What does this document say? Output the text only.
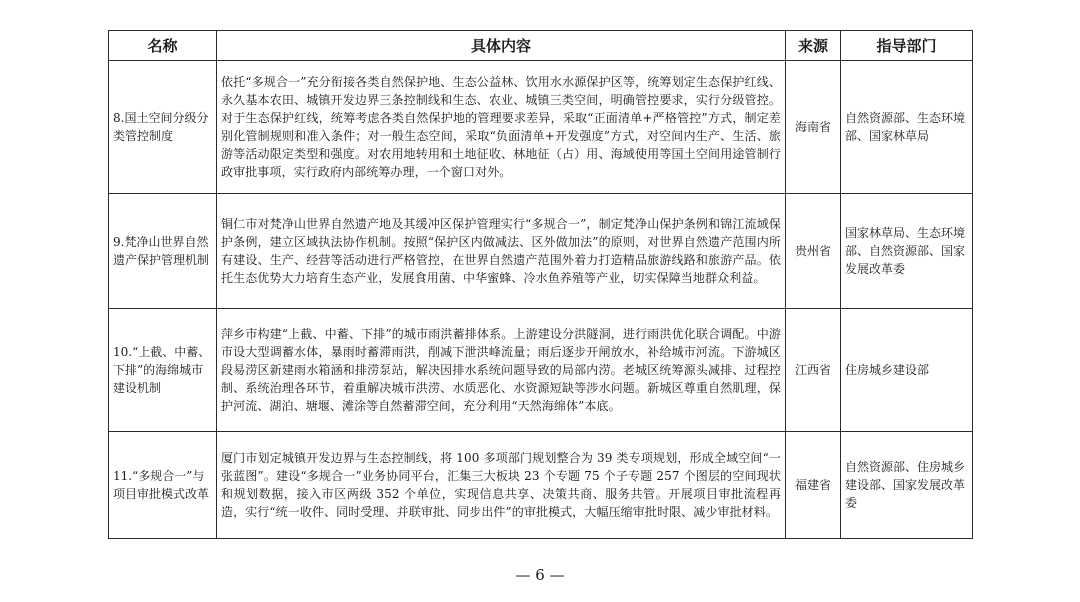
名称	具体内容	来源	指导部门
8.国土空间分级分类管控制度	依托“多规合一”充分衔接各类自然保护地、生态公益林、饮用水水源保护区等，统筹划定生态保护红线、永久基本农田、城镇开发边界三条控制线和生态、农业、城镇三类空间，明确管控要求，实行分级管控。对于生态保护红线，统筹考虑各类自然保护地的管理要求差异，采取“正面清单+严格管控”方式，制定差别化管制规则和准入条件；对一般生态空间，采取“负面清单+开发强度”方式，对空间内生产、生活、旅游等活动限定类型和强度。对农用地转用和土地征收、林地征（占）用、海域使用等国土空间用途管制行政审批事项，实行政府内部统筹办理，一个窗口对外。	海南省	自然资源部、生态环境部、国家林草局
9.梵净山世界自然遗产保护管理机制	铜仁市对梵净山世界自然遗产地及其缓冲区保护管理实行“多规合一”，制定梵净山保护条例和锦江流域保护条例，建立区域执法协作机制。按照“保护区内做减法、区外做加法”的原则，对世界自然遗产范围内所有建设、生产、经营等活动进行严格管控，在世界自然遗产范围外着力打造精品旅游线路和旅游产品。依托生态优势大力培育生态产业，发展食用菌、中华蜜蜂、冷水鱼养殖等产业，切实保障当地群众利益。	贵州省	国家林草局、生态环境部、自然资源部、国家发展改革委
10.“上截、中蓄、下排”的海绵城市建设机制	萍乡市构建“上截、中蓄、下排”的城市雨洪蓄排体系。上游建设分洪隧洞，进行雨洪优化联合调配。中游市设大型调蓄水体，暴雨时蓄滞雨洪，削减下泄洪峰流量；雨后逐步开闸放水，补给城市河流。下游城区段易涝区新建雨水箱涵和排涝泵站，解决因排水系统问题导致的局部内涝。老城区统筹源头减排、过程控制、系统治理各环节，着重解决城市洪涝、水质恶化、水资源短缺等涉水问题。新城区尊重自然肌理，保护河流、湖泊、塘堰、滩涂等自然蓄滞空间，充分利用“天然海绵体”本底。	江西省	住房城乡建设部
11.“多规合一”与项目审批模式改革	厦门市划定城镇开发边界与生态控制线，将 100 多项部门规划整合为 39 类专项规划，形成全域空间“一张蓝图”。建设“多规合一”业务协同平台，汇集三大板块 23 个专题 75 个子专题 257 个图层的空间现状和规划数据，接入市区两级 352 个单位，实现信息共享、决策共商、服务共管。开展项目审批流程再造，实行“统一收件、同时受理、并联审批、同步出件”的审批模式，大幅压缩审批时限、减少审批材料。	福建省	自然资源部、住房城乡建设部、国家发展改革委
— 6 —
